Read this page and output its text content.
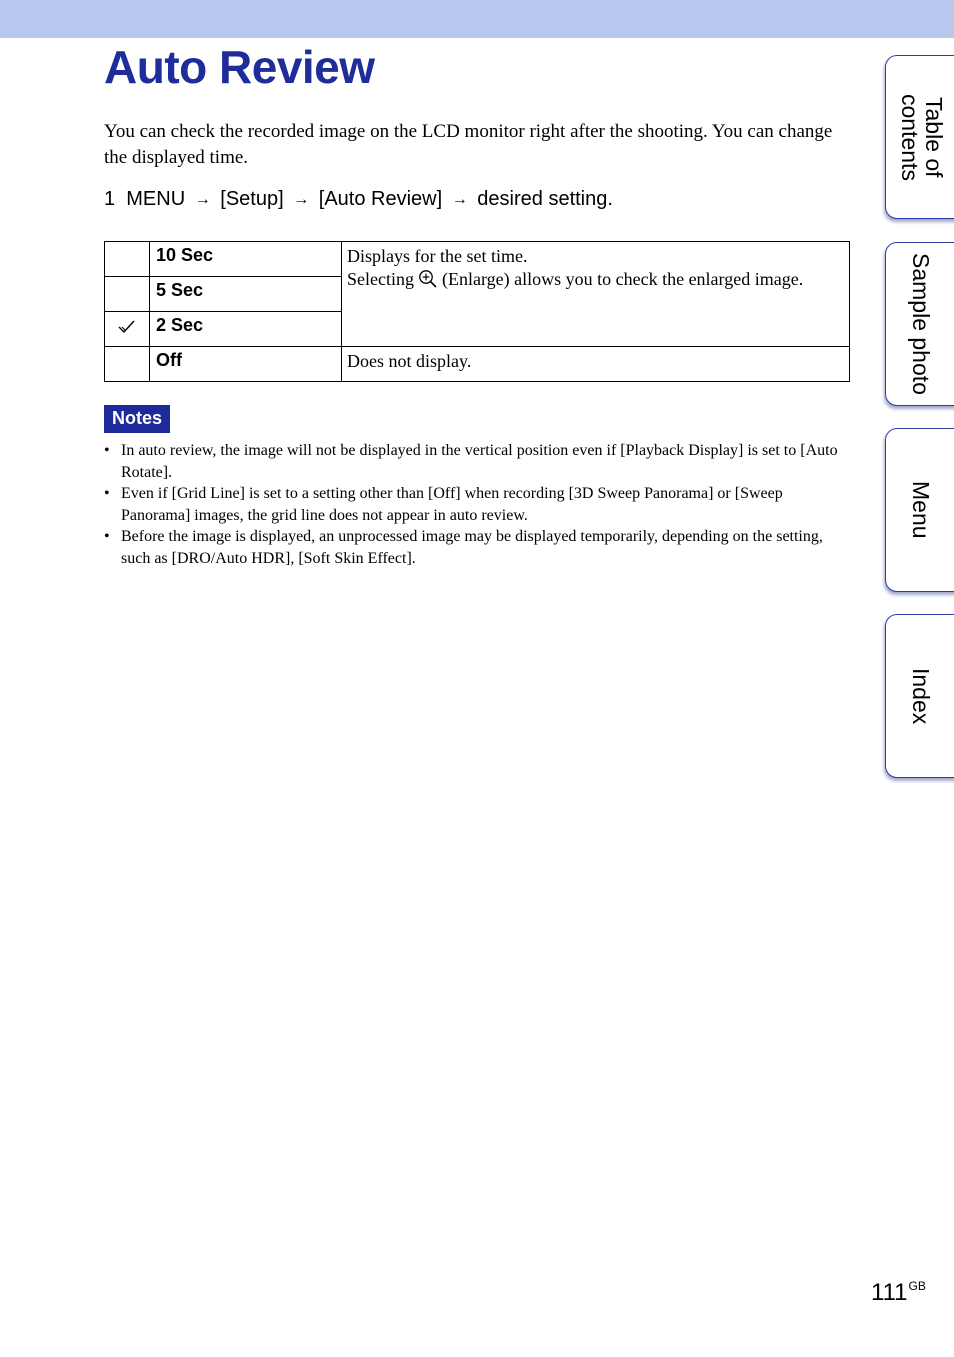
Auto Review

You can check the recorded image on the LCD monitor right after the shooting. You can change the displayed time.

1 MENU → [Setup] → [Auto Review] → desired setting.
	10 Sec	Displays for the set time.
Selecting (Enlarge) allows you to check the enlarged image.

	5 Sec	
	2 Sec	
	Off	Does not display.
Notes
• In auto review, the image will not be displayed in the vertical position even if [Playback Display] is set to [Auto Rotate].
• Even if [Grid Line] is set to a setting other than [Off] when recording [3D Sweep Panorama] or [Sweep Panorama] images, the grid line does not appear in auto review.
• Before the image is displayed, an unprocessed image may be displayed temporarily, depending on the setting, such as [DRO/Auto HDR], [Soft Skin Effect].
Table of contents
Sample photo
Menu
Index
$111^{GB}$
